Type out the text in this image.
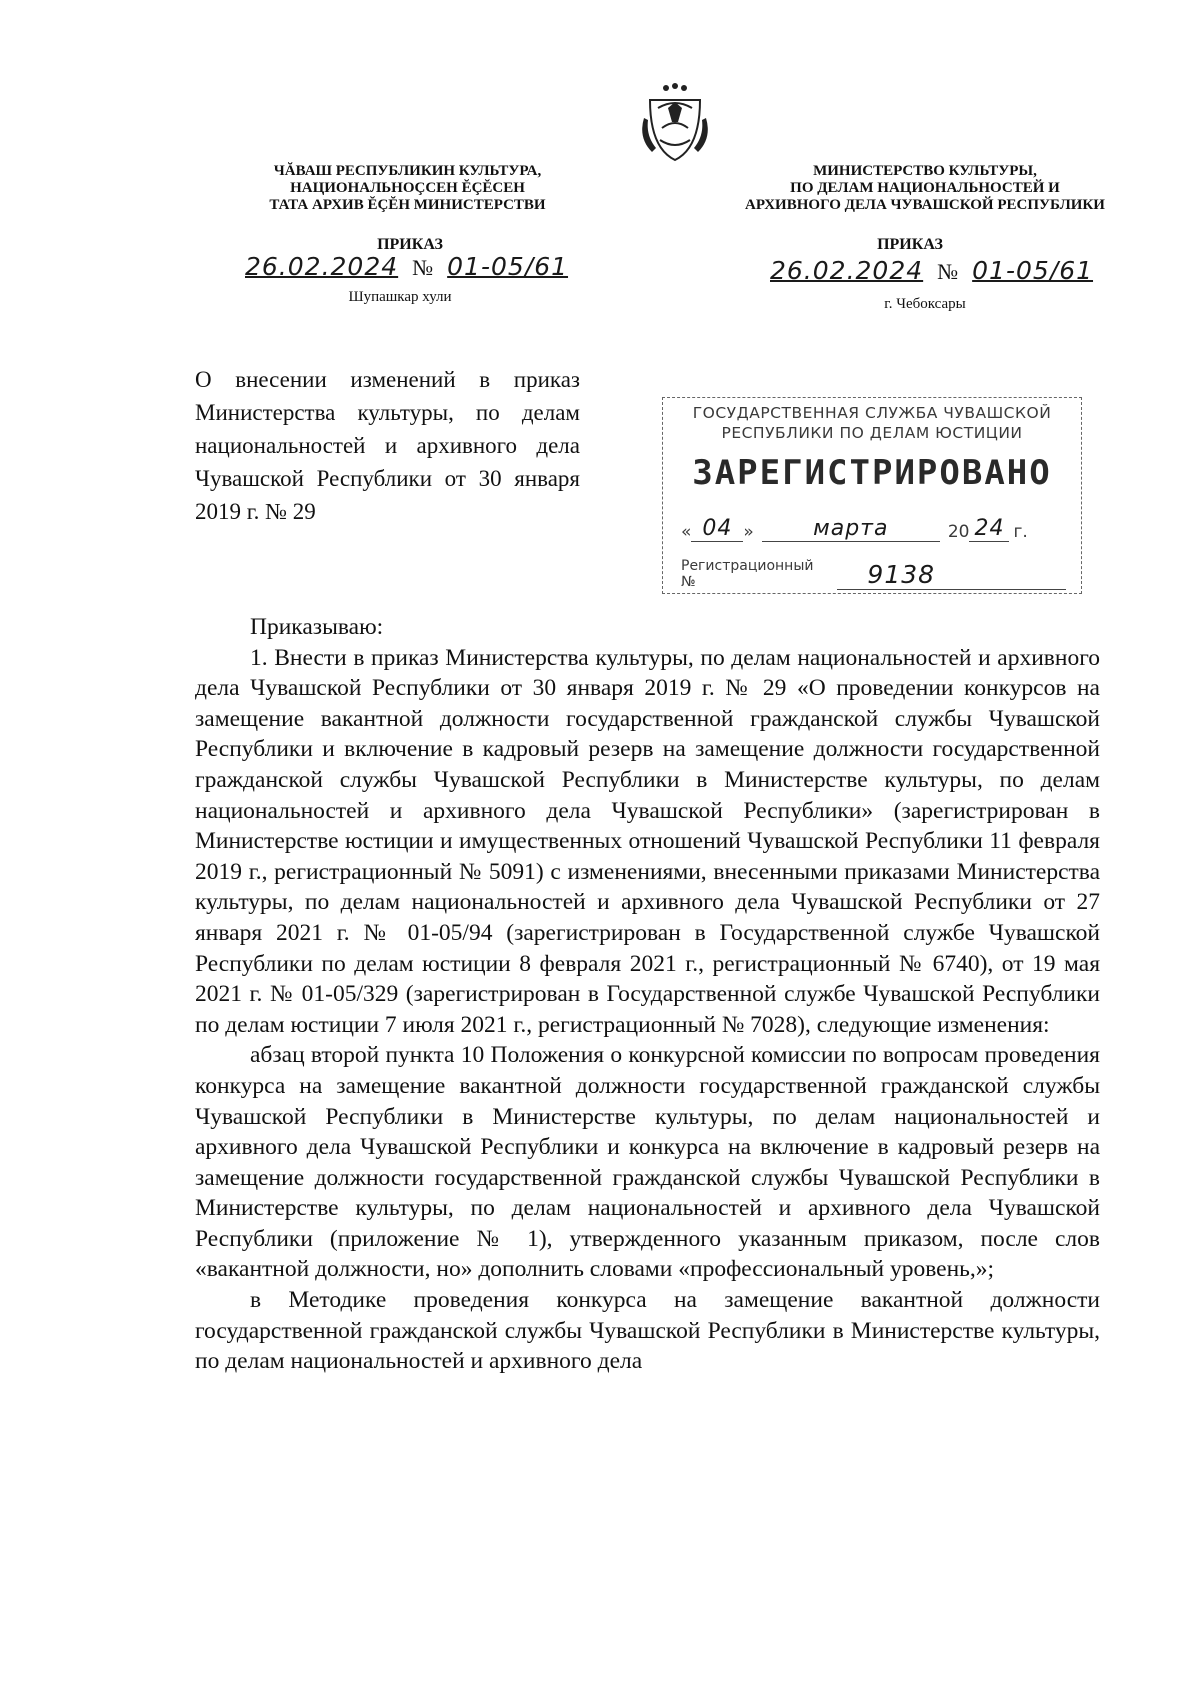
ЧĂВАШ РЕСПУБЛИКИН КУЛЬТУРА,
НАЦИОНАЛЬНОÇСЕН ĔÇĔСЕН
ТАТА АРХИВ ĔÇĔН МИНИСТЕРСТВИ
МИНИСТЕРСТВО КУЛЬТУРЫ,
ПО ДЕЛАМ НАЦИОНАЛЬНОСТЕЙ И
АРХИВНОГО ДЕЛА ЧУВАШСКОЙ РЕСПУБЛИКИ
ПРИКАЗ	ПРИКАЗ
26.02.2024 № 01-05/61	26.02.2024 № 01-05/61
Шупашкар хули	г. Чебоксары
О внесении изменений в приказ Министерства культуры, по делам национальностей и архивного дела Чувашской Республики от 30 января 2019 г. № 29
ГОСУДАРСТВЕННАЯ СЛУЖБА ЧУВАШСКОЙ
РЕСПУБЛИКИ ПО ДЕЛАМ ЮСТИЦИИ
ЗАРЕГИСТРИРОВАНО
« 04 »	марта	20 24 г.
Регистрационный №	9138

Приказываю:

1. Внести в приказ Министерства культуры, по делам национальностей и архивного дела Чувашской Республики от 30 января 2019 г. № 29 «О проведении конкурсов на замещение вакантной должности государственной гражданской службы Чувашской Республики и включение в кадровый резерв на замещение должности государственной гражданской службы Чувашской Республики в Министерстве культуры, по делам национальностей и архивного дела Чувашской Республики» (зарегистрирован в Министерстве юстиции и имущественных отношений Чувашской Республики 11 февраля 2019 г., регистрационный № 5091) с изменениями, внесенными приказами Министерства культуры, по делам национальностей и архивного дела Чувашской Республики от 27 января 2021 г. № 01-05/94 (зарегистрирован в Государственной службе Чувашской Республики по делам юстиции 8 февраля 2021 г., регистрационный № 6740), от 19 мая 2021 г. № 01-05/329 (зарегистрирован в Государственной службе Чувашской Республики по делам юстиции 7 июля 2021 г., регистрационный № 7028), следующие изменения:

абзац второй пункта 10 Положения о конкурсной комиссии по вопросам проведения конкурса на замещение вакантной должности государственной гражданской службы Чувашской Республики в Министерстве культуры, по делам национальностей и архивного дела Чувашской Республики и конкурса на включение в кадровый резерв на замещение должности государственной гражданской службы Чувашской Республики в Министерстве культуры, по делам национальностей и архивного дела Чувашской Республики (приложение № 1), утвержденного указанным приказом, после слов «вакантной должности, но» дополнить словами «профессиональный уровень,»;

в Методике проведения конкурса на замещение вакантной должности государственной гражданской службы Чувашской Республики в Министерстве культуры, по делам национальностей и архивного дела
